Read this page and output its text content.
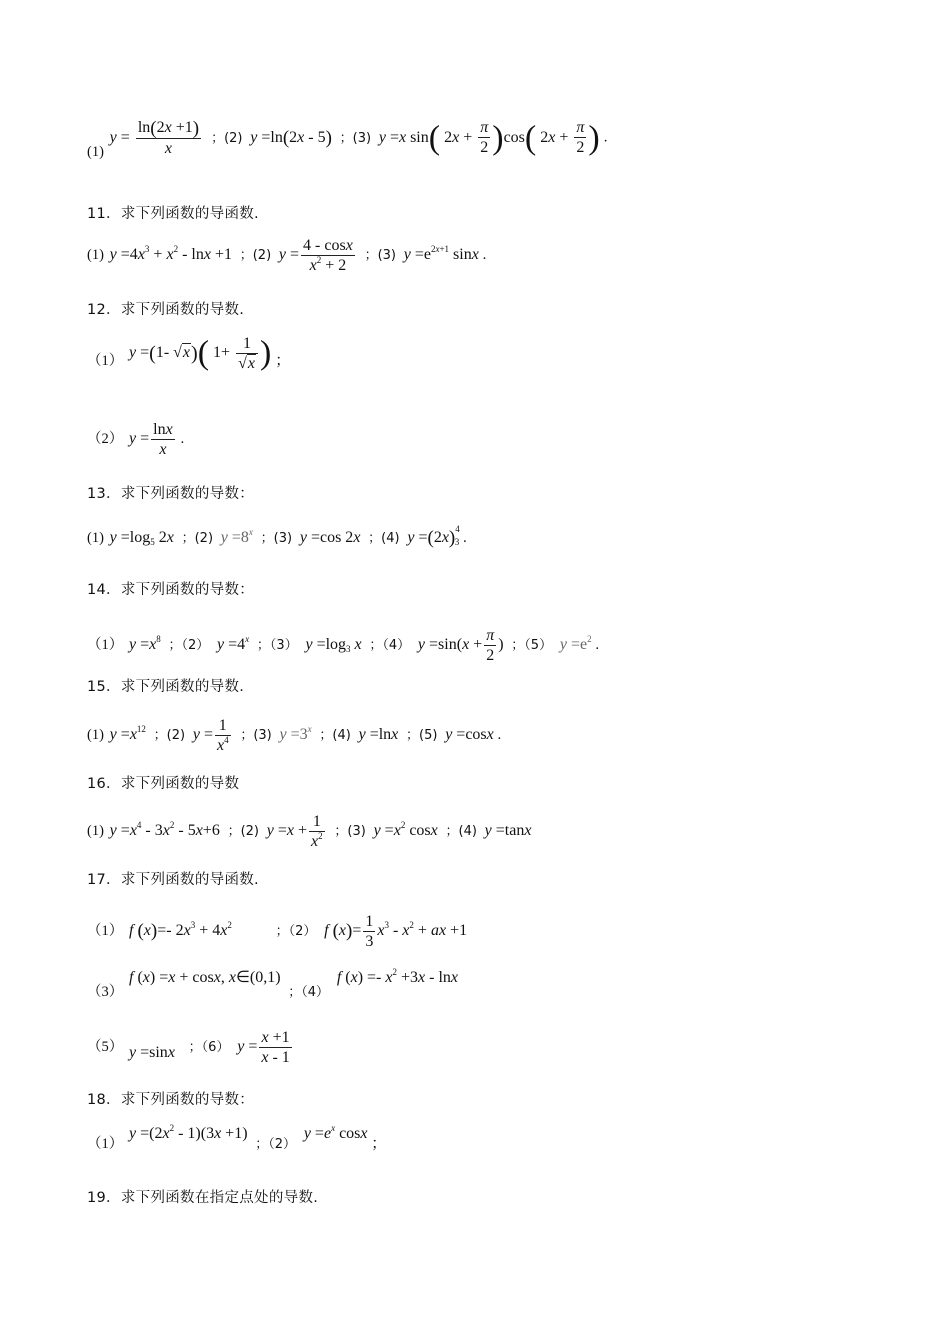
(1) $y = \frac{\ln(2x +1)}{x}$ ；(2) y =ln(2x - 5) ；(3) y =x sin( $2x + \frac{\pi}{2} )\cos$( $2x + \frac{\pi}{2}$ ) .
11．求下列函数的导函数.
(1) $y =4x^3 + x^2 - \ln x +1$ ；(2) $y = \frac{4 - \cos x}{x^2 + 2}$ ；(3) $y =e^{2x+1}$ sinx .
12．求下列函数的导数.
（1） y =(1- √x)( $1+ \frac{1}{√x}$ ) ；
（2） $y = \frac{\ln x}{x}$ .
13．求下列函数的导数：
(1) $y =\log_5$ 2x ；(2) $y =8^x$ ；(3) y =cos 2x ；(4) $y =(2x)^4_3$ .
14．求下列函数的导数：
（1） $y =x^8$ ；（2） $y =4^x$ ；（3） $y =\log_3$ x ；（4） $y =\sin(x + \frac{\pi}{2}$ ) ；（5） $y =e^2$ .
15．求下列函数的导数.
(1) $y =x^{12}$ ；(2) $y = \frac{1}{x^4}$ ；(3) $y =3^x$ ；(4) y =lnx ；(5) y =cosx .
16．求下列函数的导数
(1) $y =x^4 - 3x^2 - 5x+6$ ；(2) $y =x + \frac{1}{x^2}$ ；(3) $y =x^2$ cosx ；(4) y =tanx
17．求下列函数的导函数.
（1） f (x)=- $2x^3 + 4x^2$	；（2） f $(x)= \frac{1}{3} x^3 - x^2$ + ax +1
（3） f (x) =x + cosx, x∈(0,1) ；（4） f $(x) =- x^2 +3x - \ln x$
（5） y =sinx ；（6） $y = \frac{x +1}{x - 1}$
18．求下列函数的导数：
（1） $y =(2x^2 - 1)(3x +1)$ ；（2） $y =e^x$ cosx ；
19．求下列函数在指定点处的导数.
